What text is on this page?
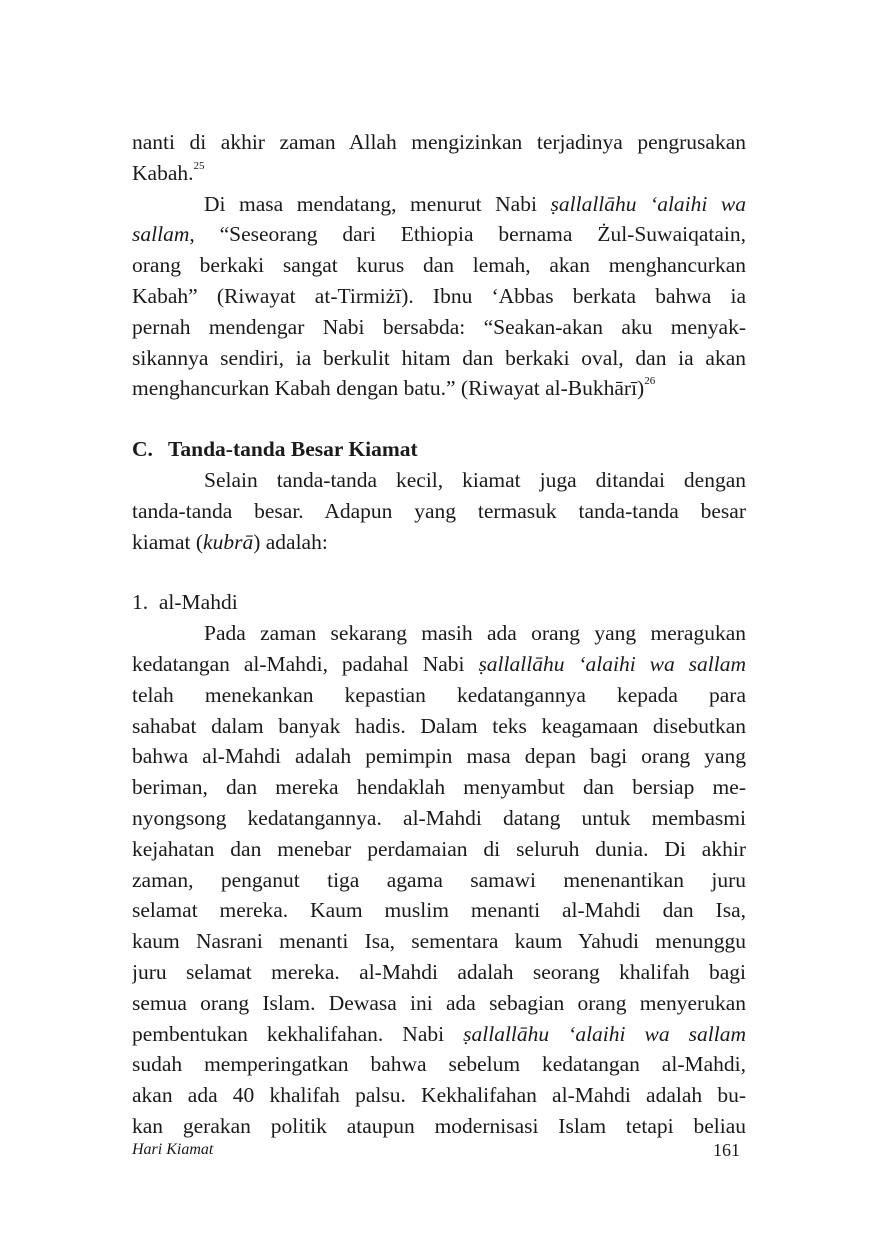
nanti di akhir zaman Allah mengizinkan terjadinya pengrusakan
Kabah.$^{25}$
Di masa mendatang, menurut Nabi ṣallallāhu ‘alaihi wa
sallam, “Seseorang dari Ethiopia bernama Żul-Suwaiqatain,
orang berkaki sangat kurus dan lemah, akan menghancurkan
Kabah” (Riwayat at-Tirmiżī). Ibnu ‘Abbas berkata bahwa ia
pernah mendengar Nabi bersabda: “Seakan-akan aku menyak-
sikannya sendiri, ia berkulit hitam dan berkaki oval, dan ia akan
menghancurkan Kabah dengan batu.” (Riwayat al-Bukhārī)$^{26}$
C. Tanda-tanda Besar Kiamat
Selain tanda-tanda kecil, kiamat juga ditandai dengan
tanda-tanda besar. Adapun yang termasuk tanda-tanda besar
kiamat (kubrā) adalah:
1.  al-Mahdi
Pada zaman sekarang masih ada orang yang meragukan
kedatangan al-Mahdi, padahal Nabi ṣallallāhu ‘alaihi wa sallam
telah menekankan kepastian kedatangannya kepada para
sahabat dalam banyak hadis. Dalam teks keagamaan disebutkan
bahwa al-Mahdi adalah pemimpin masa depan bagi orang yang
beriman, dan mereka hendaklah menyambut dan bersiap me-
nyongsong kedatangannya. al-Mahdi datang untuk membasmi
kejahatan dan menebar perdamaian di seluruh dunia. Di akhir
zaman, penganut tiga agama samawi menenantikan juru
selamat mereka. Kaum muslim menanti al-Mahdi dan Isa,
kaum Nasrani menanti Isa, sementara kaum Yahudi menunggu
juru selamat mereka. al-Mahdi adalah seorang khalifah bagi
semua orang Islam. Dewasa ini ada sebagian orang menyerukan
pembentukan kekhalifahan. Nabi ṣallallāhu ‘alaihi wa sallam
sudah memperingatkan bahwa sebelum kedatangan al-Mahdi,
akan ada 40 khalifah palsu. Kekhalifahan al-Mahdi adalah bu-
kan gerakan politik ataupun modernisasi Islam tetapi beliau
Hari Kiamat	161
